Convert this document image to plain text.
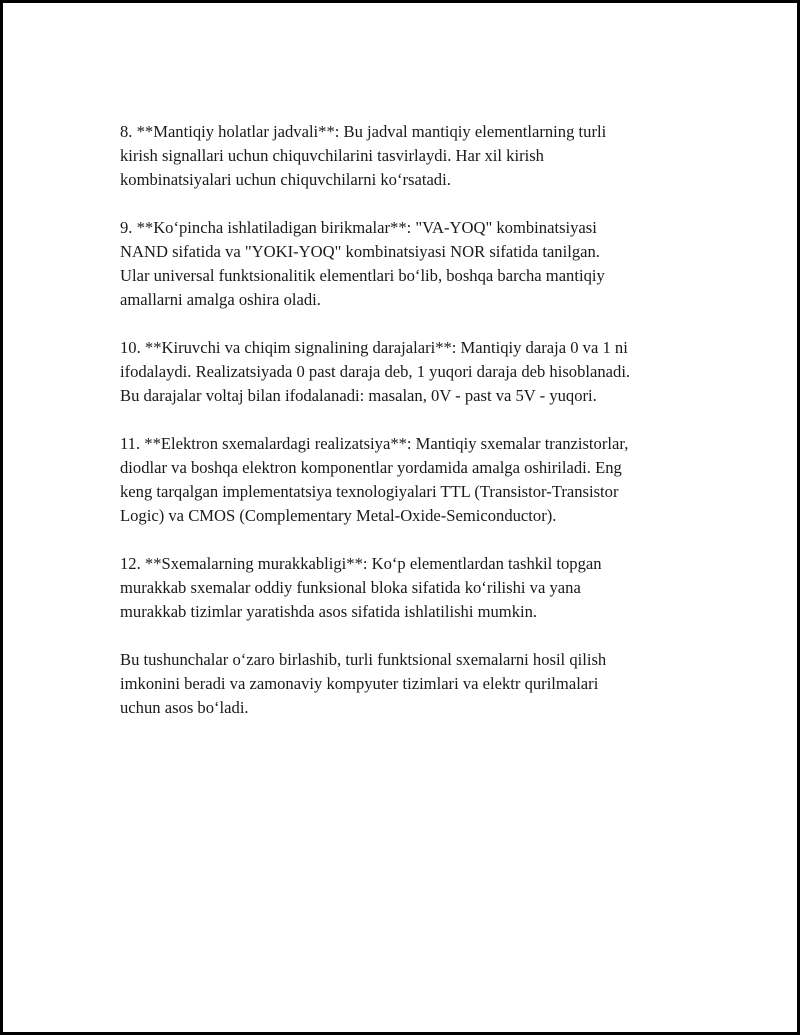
8. **Mantiqiy holatlar jadvali**: Bu jadval mantiqiy elementlarning turli
kirish signallari uchun chiquvchilarini tasvirlaydi. Har xil kirish
kombinatsiyalari uchun chiquvchilarni ko‘rsatadi.

9. **Ko‘pincha ishlatiladigan birikmalar**: "VA-YOQ" kombinatsiyasi
NAND sifatida va "YOKI-YOQ" kombinatsiyasi NOR sifatida tanilgan.
Ular universal funktsionalitik elementlari bo‘lib, boshqa barcha mantiqiy
amallarni amalga oshira oladi.

10. **Kiruvchi va chiqim signalining darajalari**: Mantiqiy daraja 0 va 1 ni
ifodalaydi. Realizatsiyada 0 past daraja deb, 1 yuqori daraja deb hisoblanadi.
Bu darajalar voltaj bilan ifodalanadi: masalan, 0V - past va 5V - yuqori.

11. **Elektron sxemalardagi realizatsiya**: Mantiqiy sxemalar tranzistorlar,
diodlar va boshqa elektron komponentlar yordamida amalga oshiriladi. Eng
keng tarqalgan implementatsiya texnologiyalari TTL (Transistor-Transistor
Logic) va CMOS (Complementary Metal-Oxide-Semiconductor).

12. **Sxemalarning murakkabligi**: Ko‘p elementlardan tashkil topgan
murakkab sxemalar oddiy funksional bloka sifatida ko‘rilishi va yana
murakkab tizimlar yaratishda asos sifatida ishlatilishi mumkin.

Bu tushunchalar o‘zaro birlashib, turli funktsional sxemalarni hosil qilish
imkonini beradi va zamonaviy kompyuter tizimlari va elektr qurilmalari
uchun asos bo‘ladi.
